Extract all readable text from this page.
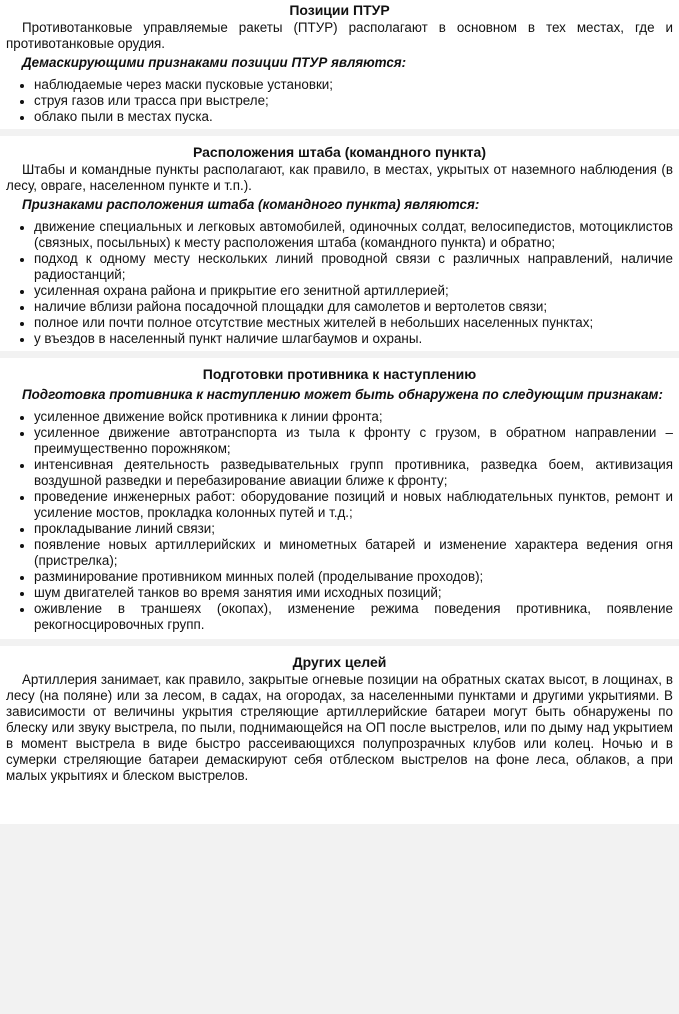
Позиции ПТУР

Противотанковые управляемые ракеты (ПТУР) располагают в основном в тех местах, где и противотанковые орудия.

Демаскирующими признаками позиции ПТУР являются:
• наблюдаемые через маски пусковые установки;
• струя газов или трасса при выстреле;
• облако пыли в местах пуска.
Расположения штаба (командного пункта)

Штабы и командные пункты располагают, как правило, в местах, укрытых от наземного наблюдения (в лесу, овраге, населенном пункте и т.п.).

Признаками расположения штаба (командного пункта) являются:
• движение специальных и легковых автомобилей, одиночных солдат, велосипедистов, мотоциклистов (связных, посыльных) к месту расположения штаба (командного пункта) и обратно;
• подход к одному месту нескольких линий проводной связи с различных направлений, наличие радиостанций;
• усиленная охрана района и прикрытие его зенитной артиллерией;
• наличие вблизи района посадочной площадки для самолетов и вертолетов связи;
• полное или почти полное отсутствие местных жителей в небольших населенных пунктах;
• у въездов в населенный пункт наличие шлагбаумов и охраны.
Подготовки противника к наступлению
Подготовка противника к наступлению может быть обнаружена по следующим признакам:
• усиленное движение войск противника к линии фронта;
• усиленное движение автотранспорта из тыла к фронту с грузом, в обратном направлении – преимущественно порожняком;
• интенсивная деятельность разведывательных групп противника, разведка боем, активизация воздушной разведки и перебазирование авиации ближе к фронту;
• проведение инженерных работ: оборудование позиций и новых наблюдательных пунктов, ремонт и усиление мостов, прокладка колонных путей и т.д.;
• прокладывание линий связи;
• появление новых артиллерийских и минометных батарей и изменение характера ведения огня (пристрелка);
• разминирование противником минных полей (проделывание проходов);
• шум двигателей танков во время занятия ими исходных позиций;
• оживление в траншеях (окопах), изменение режима поведения противника, появление рекогносцировочных групп.
Других целей

Артиллерия занимает, как правило, закрытые огневые позиции на обратных скатах высот, в лощинах, в лесу (на поляне) или за лесом, в садах, на огородах, за населенными пунктами и другими укрытиями. В зависимости от величины укрытия стреляющие артиллерийские батареи могут быть обнаружены по блеску или звуку выстрела, по пыли, поднимающейся на ОП после выстрелов, или по дыму над укрытием в момент выстрела в виде быстро рассеивающихся полупрозрачных клубов или колец. Ночью и в сумерки стреляющие батареи демаскируют себя отблеском выстрелов на фоне леса, облаков, а при малых укрытиях и блеском выстрелов.
